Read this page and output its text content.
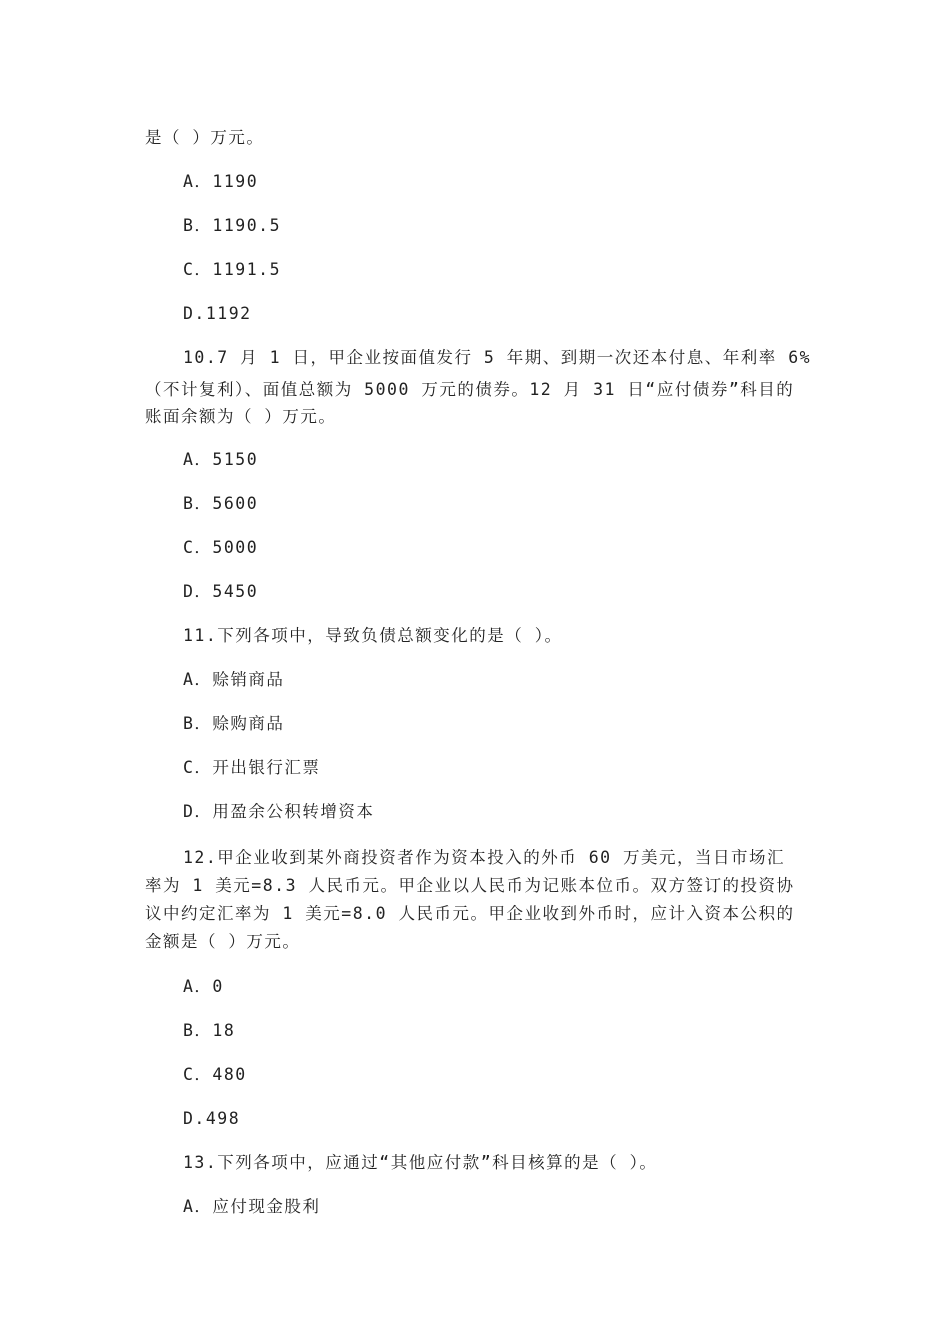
是（ ）万元。
A．1190
B．1190.5
C．1191.5
D.1192
10.7 月 1 日，甲企业按面值发行 5 年期、到期一次还本付息、年利率 6%
（不计复利）、面值总额为 5000 万元的债券。12 月 31 日“应付债券”科目的
账面余额为（ ）万元。
A．5150
B．5600
C．5000
D．5450
11.下列各项中，导致负债总额变化的是（ ）。
A．赊销商品
B．赊购商品
C．开出银行汇票
D．用盈余公积转增资本
12.甲企业收到某外商投资者作为资本投入的外币 60 万美元，当日市场汇
率为 1 美元=8.3 人民币元。甲企业以人民币为记账本位币。双方签订的投资协
议中约定汇率为 1 美元=8.0 人民币元。甲企业收到外币时，应计入资本公积的
金额是（ ）万元。
A．0
B．18
C．480
D.498
13.下列各项中，应通过“其他应付款”科目核算的是（ ）。
A．应付现金股利
